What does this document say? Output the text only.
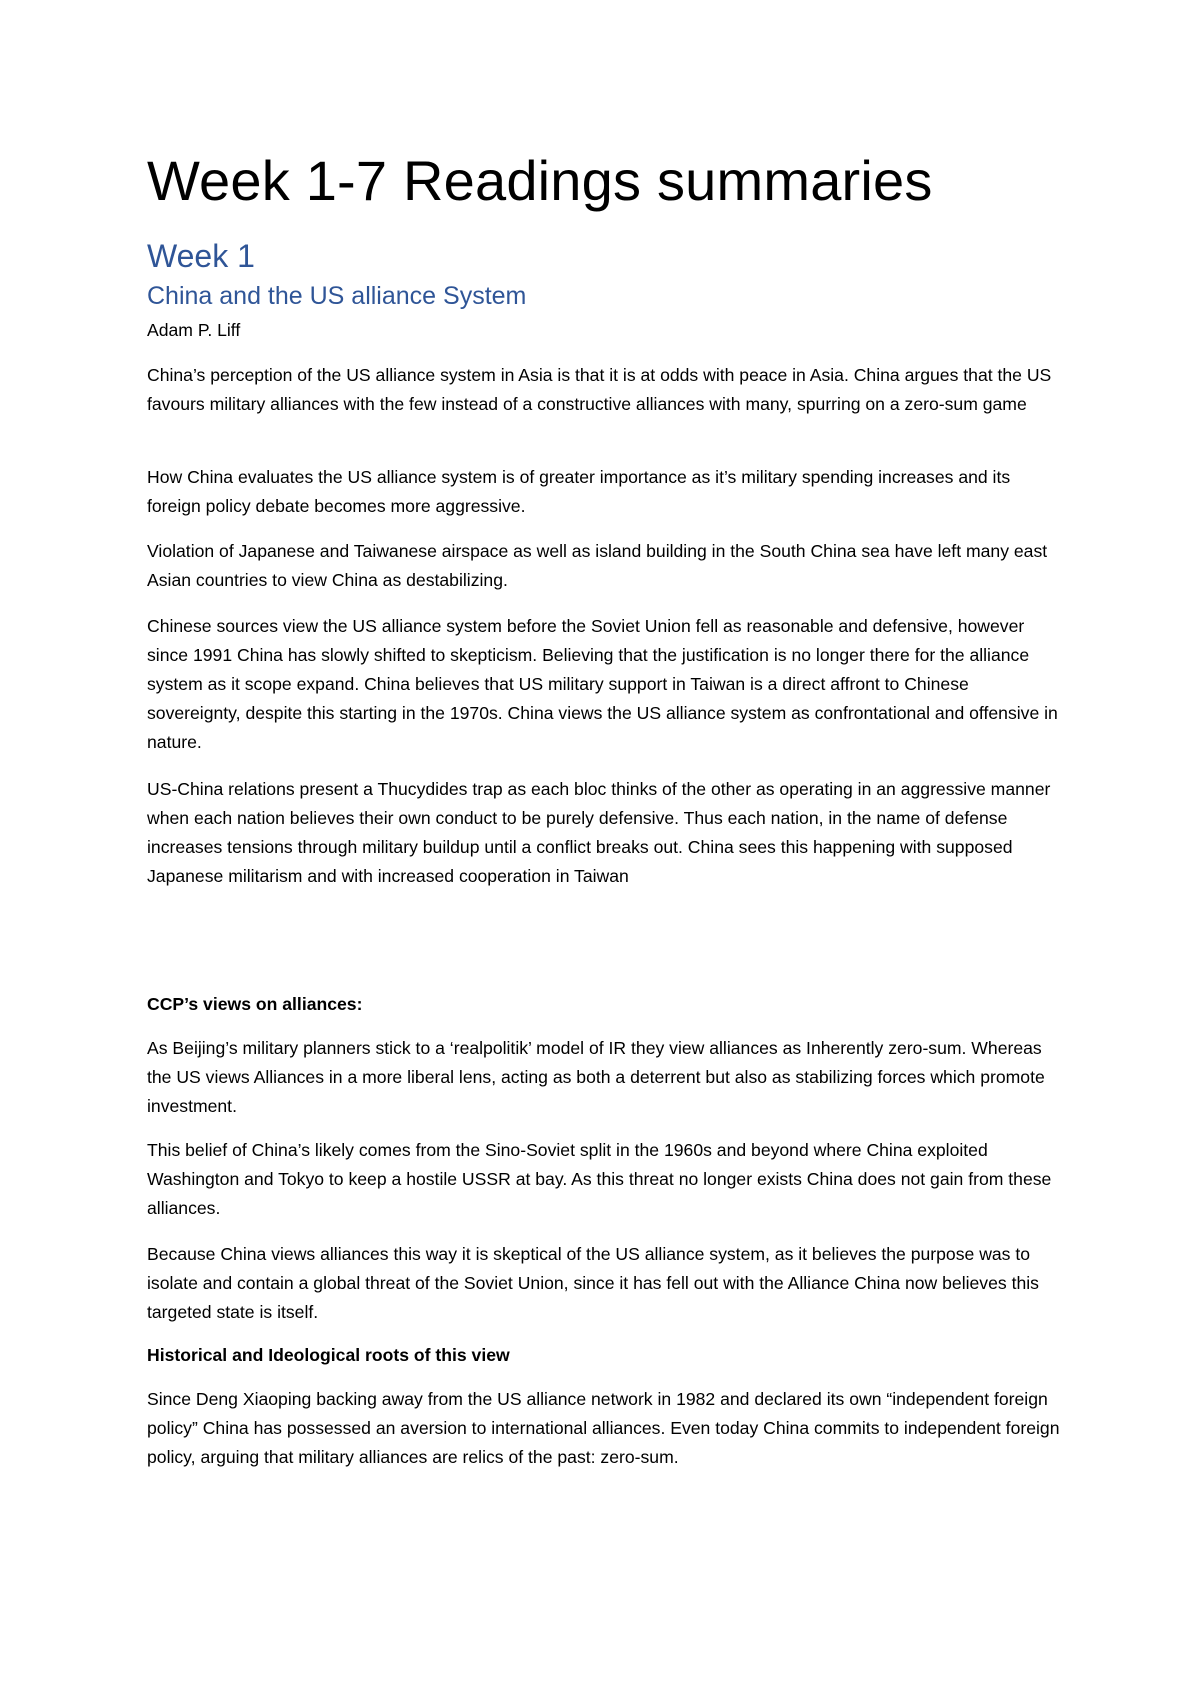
Week 1-7 Readings summaries
Week 1
China and the US alliance System

Adam P. Liff

China’s perception of the US alliance system in Asia is that it is at odds with peace in Asia. China argues that the US favours military alliances with the few instead of a constructive alliances with many, spurring on a zero-sum game

How China evaluates the US alliance system is of greater importance as it’s military spending increases and its foreign policy debate becomes more aggressive.

Violation of Japanese and Taiwanese airspace as well as island building in the South China sea have left many east Asian countries to view China as destabilizing.

Chinese sources view the US alliance system before the Soviet Union fell as reasonable and defensive, however since 1991 China has slowly shifted to skepticism. Believing that the justification is no longer there for the alliance system as it scope expand. China believes that US military support in Taiwan is a direct affront to Chinese sovereignty, despite this starting in the 1970s. China views the US alliance system as confrontational and offensive in nature.

US-China relations present a Thucydides trap as each bloc thinks of the other as operating in an aggressive manner when each nation believes their own conduct to be purely defensive. Thus each nation, in the name of defense increases tensions through military buildup until a conflict breaks out. China sees this happening with supposed Japanese militarism and with increased cooperation in Taiwan

CCP’s views on alliances:

As Beijing’s military planners stick to a ‘realpolitik’ model of IR they view alliances as Inherently zero-sum. Whereas the US views Alliances in a more liberal lens, acting as both a deterrent but also as stabilizing forces which promote investment.

This belief of China’s likely comes from the Sino-Soviet split in the 1960s and beyond where China exploited Washington and Tokyo to keep a hostile USSR at bay. As this threat no longer exists China does not gain from these alliances.

Because China views alliances this way it is skeptical of the US alliance system, as it believes the purpose was to isolate and contain a global threat of the Soviet Union, since it has fell out with the Alliance China now believes this targeted state is itself.

Historical and Ideological roots of this view

Since Deng Xiaoping backing away from the US alliance network in 1982 and declared its own “independent foreign policy” China has possessed an aversion to international alliances. Even today China commits to independent foreign policy, arguing that military alliances are relics of the past: zero-sum.
